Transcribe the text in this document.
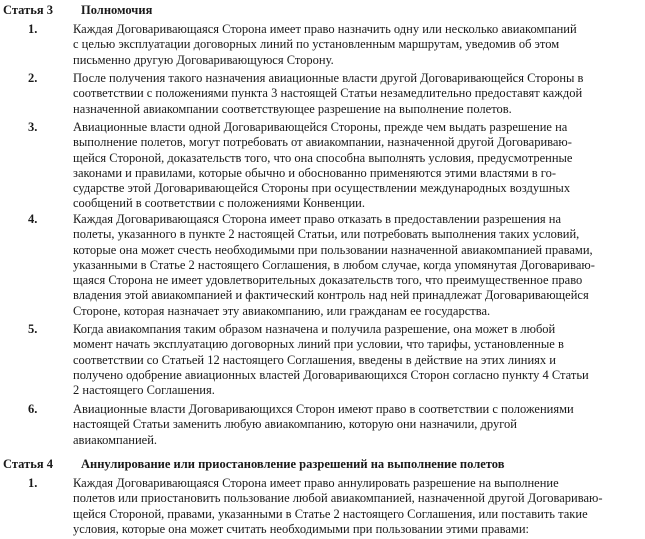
Статья 3 Полномочия
1.	Каждая Договаривающаяся Сторона имеет право назначить одну или несколько авиакомпаний
с целью эксплуатации договорных линий по установленным маршрутам, уведомив об этом
письменно другую Договаривающуюся Сторону.
2.	После получения такого назначения авиационные власти другой Договаривающейся Стороны в
соответствии с положениями пункта 3 настоящей Статьи незамедлительно предоставят каждой
назначенной авиакомпании соответствующее разрешение на выполнение полетов.
3.	Авиационные власти одной Договаривающейся Стороны, прежде чем выдать разрешение на
выполнение полетов, могут потребовать от авиакомпании, назначенной другой Договариваю-
щейся Стороной, доказательств того, что она способна выполнять условия, предусмотренные
законами и правилами, которые обычно и обоснованно применяются этими властями в го-
сударстве этой Договаривающейся Стороны при осуществлении международных воздушных
сообщений в соответствии с положениями Конвенции.
4.	Каждая Договаривающаяся Сторона имеет право отказать в предоставлении разрешения на
полеты, указанного в пункте 2 настоящей Статьи, или потребовать выполнения таких условий,
которые она может счесть необходимыми при пользовании назначенной авиакомпанией правами,
указанными в Статье 2 настоящего Соглашения, в любом случае, когда упомянутая Договариваю-
щаяся Сторона не имеет удовлетворительных доказательств того, что преимущественное право
владения этой авиакомпанией и фактический контроль над ней принадлежат Договаривающейся
Стороне, которая назначает эту авиакомпанию, или гражданам ее государства.
5.	Когда авиакомпания таким образом назначена и получила разрешение, она может в любой
момент начать эксплуатацию договорных линий при условии, что тарифы, установленные в
соответствии со Статьей 12 настоящего Соглашения, введены в действие на этих линиях и
получено одобрение авиационных властей Договаривающихся Сторон согласно пункту 4 Статьи
2 настоящего Соглашения.
6.	Авиационные власти Договаривающихся Сторон имеют право в соответствии с положениями
настоящей Статьи заменить любую авиакомпанию, которую они назначили, другой
авиакомпанией.
Статья 4 Аннулирование или приостановление разрешений на выполнение полетов
1.	Каждая Договаривающаяся Сторона имеет право аннулировать разрешение на выполнение
полетов или приостановить пользование любой авиакомпанией, назначенной другой Договариваю-
щейся Стороной, правами, указанными в Статье 2 настоящего Соглашения, или поставить такие
условия, которые она может считать необходимыми при пользовании этими правами:
